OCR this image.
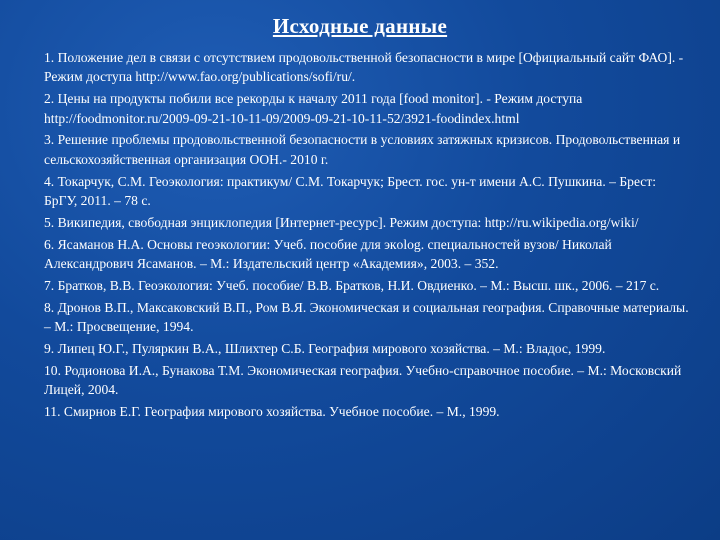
Исходные данные
1. Положение дел в связи с отсутствием продовольственной безопасности в мире [Официальный сайт ФАО]. - Режим доступа http://www.fao.org/publications/sofi/ru/.
2. Цены на продукты побили все рекорды к началу 2011 года [food monitor]. - Режим доступа http://foodmonitor.ru/2009-09-21-10-11-09/2009-09-21-10-11-52/3921-foodindex.html
3. Решение проблемы продовольственной безопасности в условиях затяжных кризисов. Продовольственная и сельскохозяйственная организация ООН.- 2010 г.
4. Токарчук, С.М. Геоэкология: практикум/ С.М. Токарчук; Брест. гос. ун-т имени А.С. Пушкина. – Брест: БрГУ, 2011. – 78 с.
5. Википедия, свободная энциклопедия [Интернет-ресурс]. Режим доступа: http://ru.wikipedia.org/wiki/
6. Ясаманов Н.А. Основы геоэкологии: Учеб. пособие для экolog. специальностей вузов/ Николай Александрович Ясаманов. – М.: Издательский центр «Академия», 2003. – 352.
7. Братков, В.В. Геоэкология: Учеб. пособие/ В.В. Братков, Н.И. Овдиенко. – М.: Высш. шк., 2006. – 217 с.
8. Дронов В.П., Максаковский В.П., Ром В.Я. Экономическая и социальная география. Справочные материалы. – М.: Просвещение, 1994.
9. Липец Ю.Г., Пуляркин В.А., Шлихтер С.Б. География мирового хозяйства. – М.: Владос, 1999.
10. Родионова И.А., Бунакова Т.М. Экономическая география. Учебно-справочное пособие. – М.: Московский Лицей, 2004.
11. Смирнов Е.Г. География мирового хозяйства. Учебное пособие. – М., 1999.
